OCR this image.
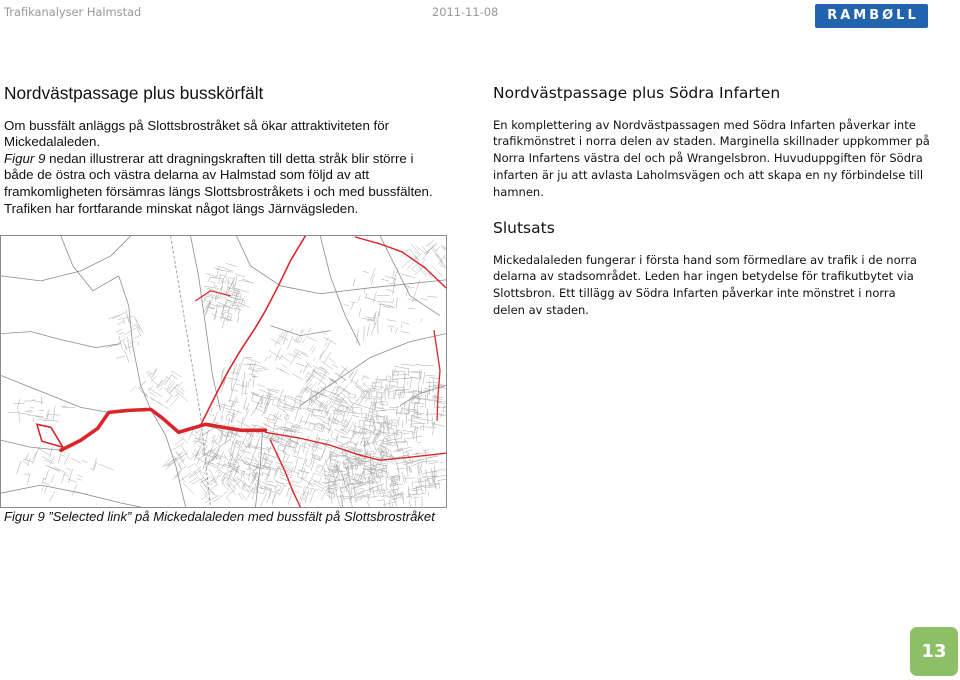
Trafikanalyser Halmstad	2011-11-08	RAMBØLL
Nordvästpassage plus busskörfält
Om bussfält anläggs på Slottsbrostråket så ökar attraktiviteten för
Mickedalaleden.
Figur 9 nedan illustrerar att dragningskraften till detta stråk blir större i
både de östra och västra delarna av Halmstad som följd av att
framkomligheten försämras längs Slottsbrostråkets i och med bussfälten.
Trafiken har fortfarande minskat något längs Järnvägsleden.
Figur 9 ”Selected link” på Mickedalaleden med bussfält på Slottsbrostråket
Nordvästpassage plus Södra Infarten
En komplettering av Nordvästpassagen med Södra Infarten påverkar inte
trafikmönstret i norra delen av staden. Marginella skillnader uppkommer på
Norra Infartens västra del och på Wrangelsbron. Huvuduppgiften för Södra
infarten är ju att avlasta Laholmsvägen och att skapa en ny förbindelse till
hamnen.
Slutsats
Mickedalaleden fungerar i första hand som förmedlare av trafik i de norra
delarna av stadsområdet. Leden har ingen betydelse för trafikutbytet via
Slottsbron. Ett tillägg av Södra Infarten påverkar inte mönstret i norra
delen av staden.
13
